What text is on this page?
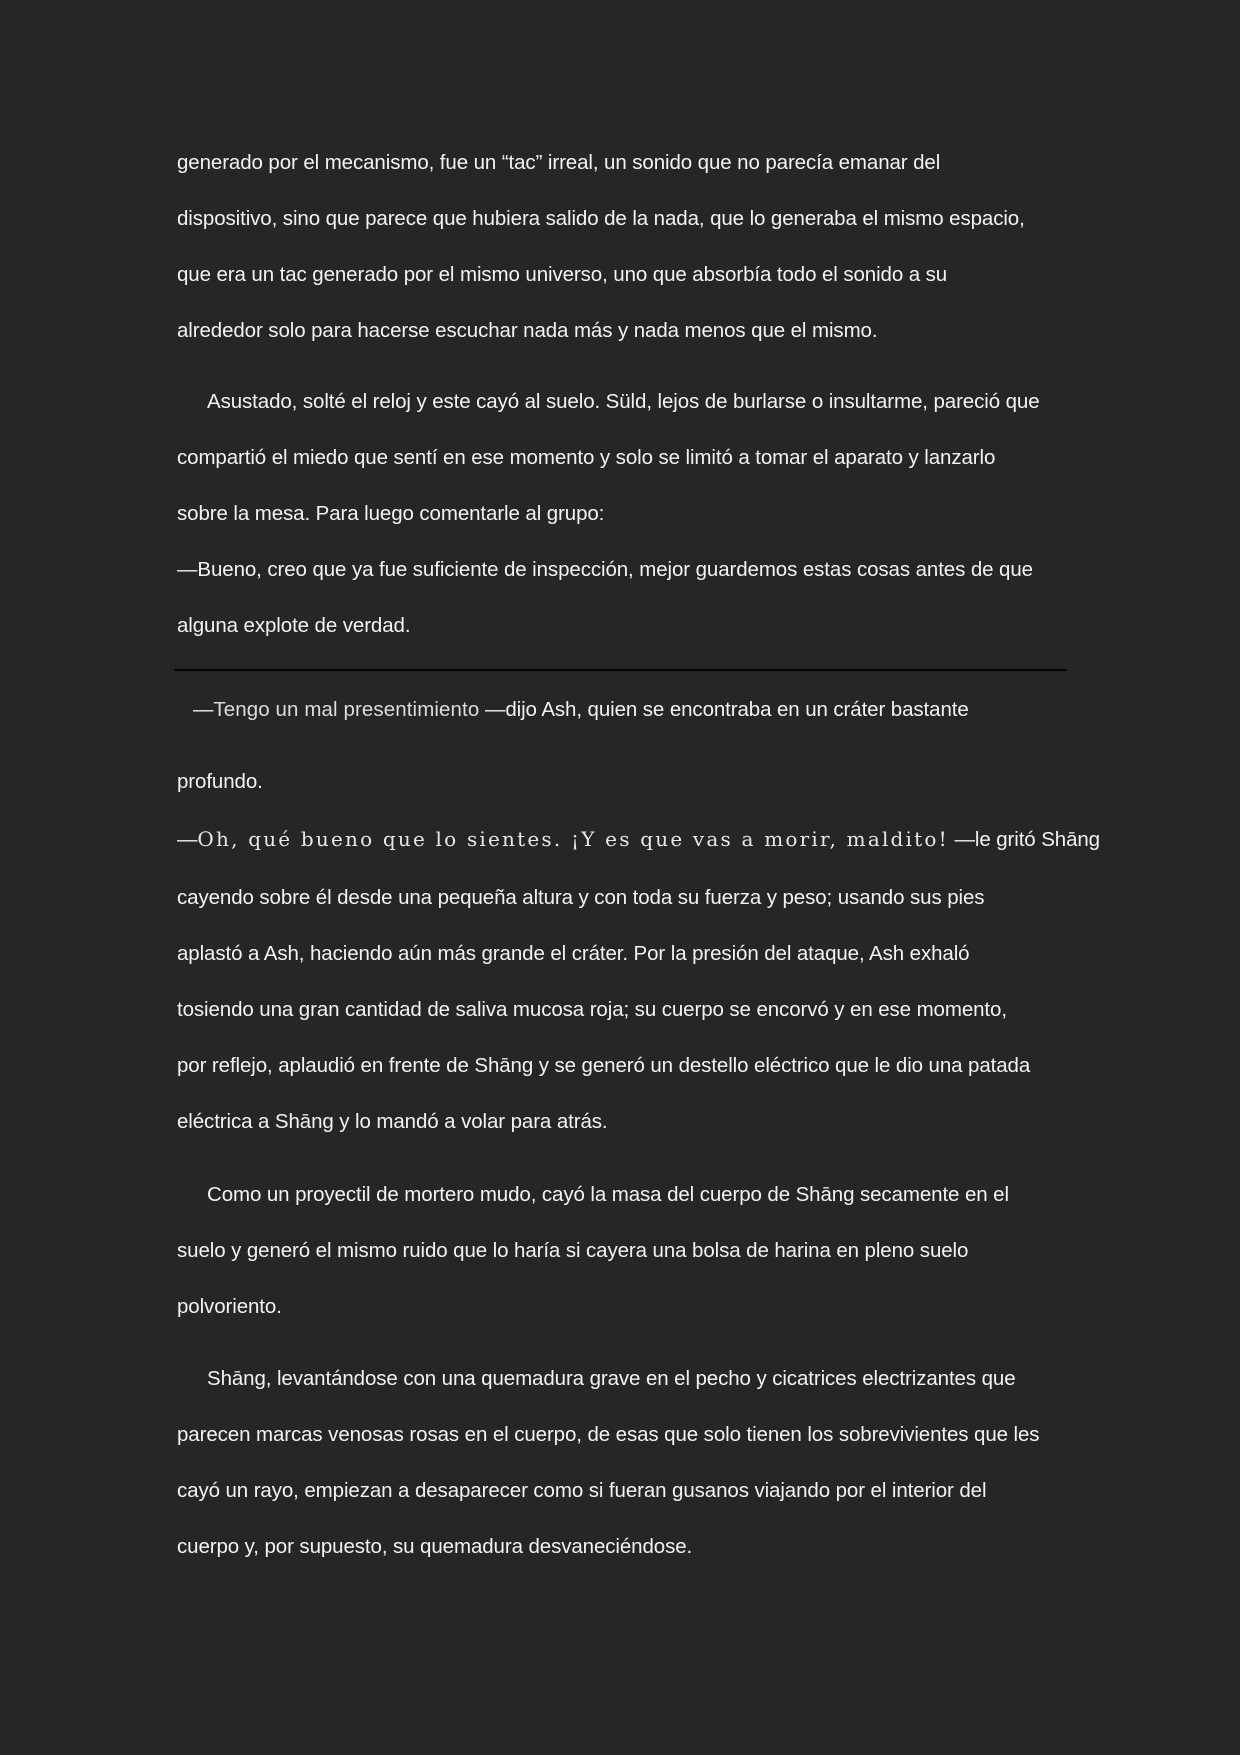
generado por el mecanismo, fue un “tac” irreal, un sonido que no parecía emanar del
dispositivo, sino que parece que hubiera salido de la nada, que lo generaba el mismo espacio,
que era un tac generado por el mismo universo, uno que absorbía todo el sonido a su
alrededor solo para hacerse escuchar nada más y nada menos que el mismo.
Asustado, solté el reloj y este cayó al suelo. Süld, lejos de burlarse o insultarme, pareció que
compartió el miedo que sentí en ese momento y solo se limitó a tomar el aparato y lanzarlo
sobre la mesa. Para luego comentarle al grupo:
—Bueno, creo que ya fue suficiente de inspección, mejor guardemos estas cosas antes de que
alguna explote de verdad.
—Tengo un mal presentimiento —dijo Ash, quien se encontraba en un cráter bastante
profundo.
—Oh, qué bueno que lo sientes. ¡Y es que vas a morir, maldito! —le gritó Shāng
cayendo sobre él desde una pequeña altura y con toda su fuerza y peso; usando sus pies
aplastó a Ash, haciendo aún más grande el cráter. Por la presión del ataque, Ash exhaló
tosiendo una gran cantidad de saliva mucosa roja; su cuerpo se encorvó y en ese momento,
por reflejo, aplaudió en frente de Shāng y se generó un destello eléctrico que le dio una patada
eléctrica a Shāng y lo mandó a volar para atrás.
Como un proyectil de mortero mudo, cayó la masa del cuerpo de Shāng secamente en el
suelo y generó el mismo ruido que lo haría si cayera una bolsa de harina en pleno suelo
polvoriento.
Shāng, levantándose con una quemadura grave en el pecho y cicatrices electrizantes que
parecen marcas venosas rosas en el cuerpo, de esas que solo tienen los sobrevivientes que les
cayó un rayo, empiezan a desaparecer como si fueran gusanos viajando por el interior del
cuerpo y, por supuesto, su quemadura desvaneciéndose.
